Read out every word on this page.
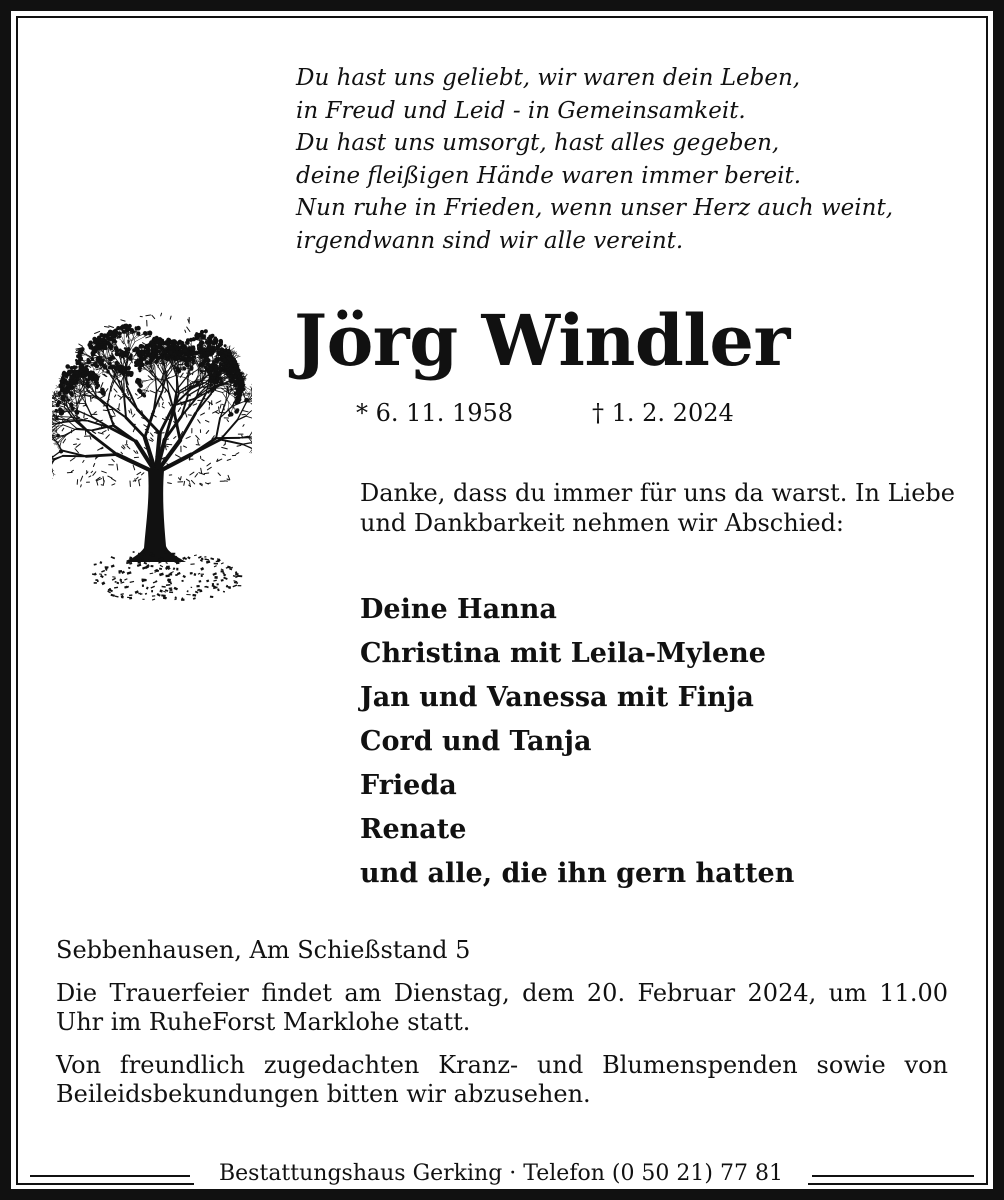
Du hast uns geliebt, wir waren dein Leben,
in Freud und Leid - in Gemeinsamkeit.
Du hast uns umsorgt, hast alles gegeben,
deine fleißigen Hände waren immer bereit.
Nun ruhe in Frieden, wenn unser Herz auch weint,
irgendwann sind wir alle vereint.
Jörg Windler
* 6. 11. 1958	† 1. 2. 2024
Danke, dass du immer für uns da warst. In Liebe und Dankbarkeit nehmen wir Abschied:
Deine Hanna
Christina mit Leila-Mylene
Jan und Vanessa mit Finja
Cord und Tanja
Frieda
Renate
und alle, die ihn gern hatten

Sebbenhausen, Am Schießstand 5

Die Trauerfeier findet am Dienstag, dem 20. Februar 2024, um 11.00 Uhr im RuheForst Marklohe statt.

Von freundlich zugedachten Kranz- und Blumenspenden sowie von Beileidsbekundungen bitten wir abzusehen.

Bestattungshaus Gerking · Telefon (0 50 21) 77 81
